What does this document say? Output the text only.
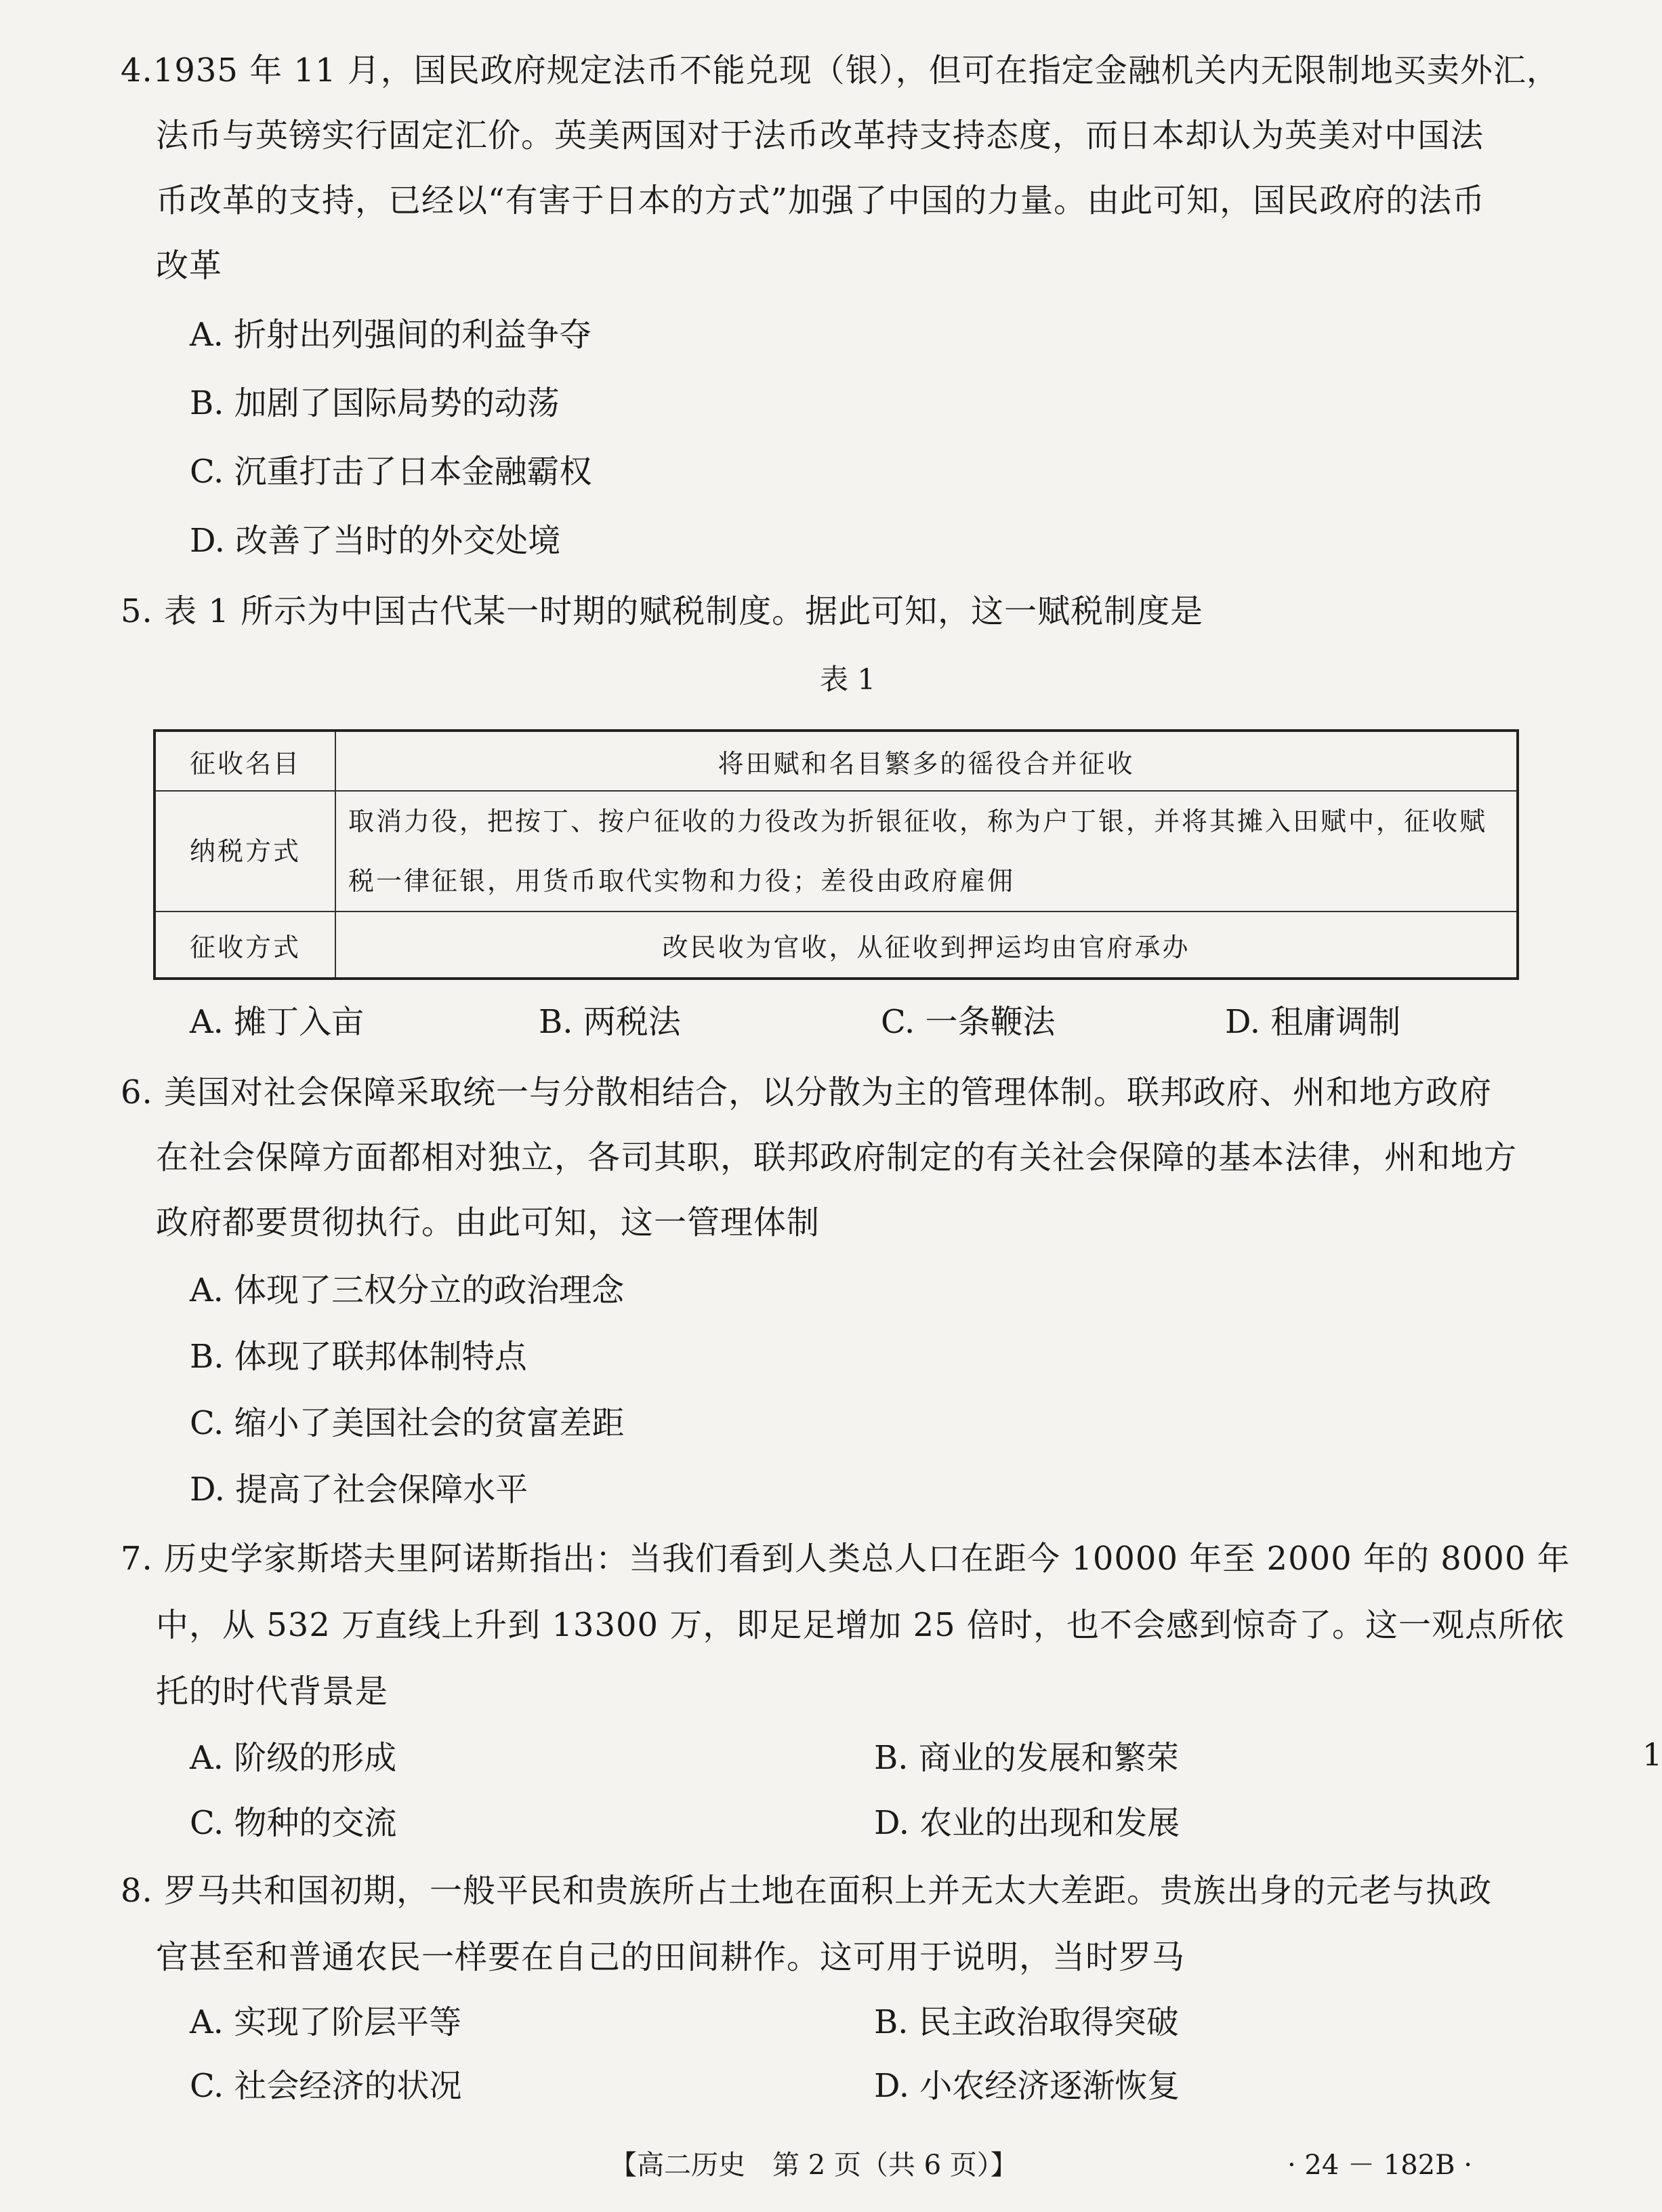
4.1935 年 11 月，国民政府规定法币不能兑现（银），但可在指定金融机关内无限制地买卖外汇，
法币与英镑实行固定汇价。英美两国对于法币改革持支持态度，而日本却认为英美对中国法
币改革的支持，已经以“有害于日本的方式”加强了中国的力量。由此可知，国民政府的法币
改革
A. 折射出列强间的利益争夺
B. 加剧了国际局势的动荡
C. 沉重打击了日本金融霸权
D. 改善了当时的外交处境
5. 表 1 所示为中国古代某一时期的赋税制度。据此可知，这一赋税制度是
表 1
征收名目	将田赋和名目繁多的徭役合并征收
纳税方式	取消力役，把按丁、按户征收的力役改为折银征收，称为户丁银，并将其摊入田赋中，征收赋
税一律征银，用货币取代实物和力役；差役由政府雇佣

征收方式	改民收为官收，从征收到押运均由官府承办
A. 摊丁入亩	B. 两税法	C. 一条鞭法	D. 租庸调制
6. 美国对社会保障采取统一与分散相结合，以分散为主的管理体制。联邦政府、州和地方政府
在社会保障方面都相对独立，各司其职，联邦政府制定的有关社会保障的基本法律，州和地方
政府都要贯彻执行。由此可知，这一管理体制
A. 体现了三权分立的政治理念
B. 体现了联邦体制特点
C. 缩小了美国社会的贫富差距
D. 提高了社会保障水平
7. 历史学家斯塔夫里阿诺斯指出：当我们看到人类总人口在距今 10000 年至 2000 年的 8000 年
中，从 532 万直线上升到 13300 万，即足足增加 25 倍时，也不会感到惊奇了。这一观点所依
托的时代背景是
A. 阶级的形成	B. 商业的发展和繁荣
C. 物种的交流	D. 农业的出现和发展
8. 罗马共和国初期，一般平民和贵族所占土地在面积上并无太大差距。贵族出身的元老与执政
官甚至和普通农民一样要在自己的田间耕作。这可用于说明，当时罗马
A. 实现了阶层平等	B. 民主政治取得突破
C. 社会经济的状况	D. 小农经济逐渐恢复
【高二历史　第 2 页（共 6 页）】	· 24 － 182B ·
1
